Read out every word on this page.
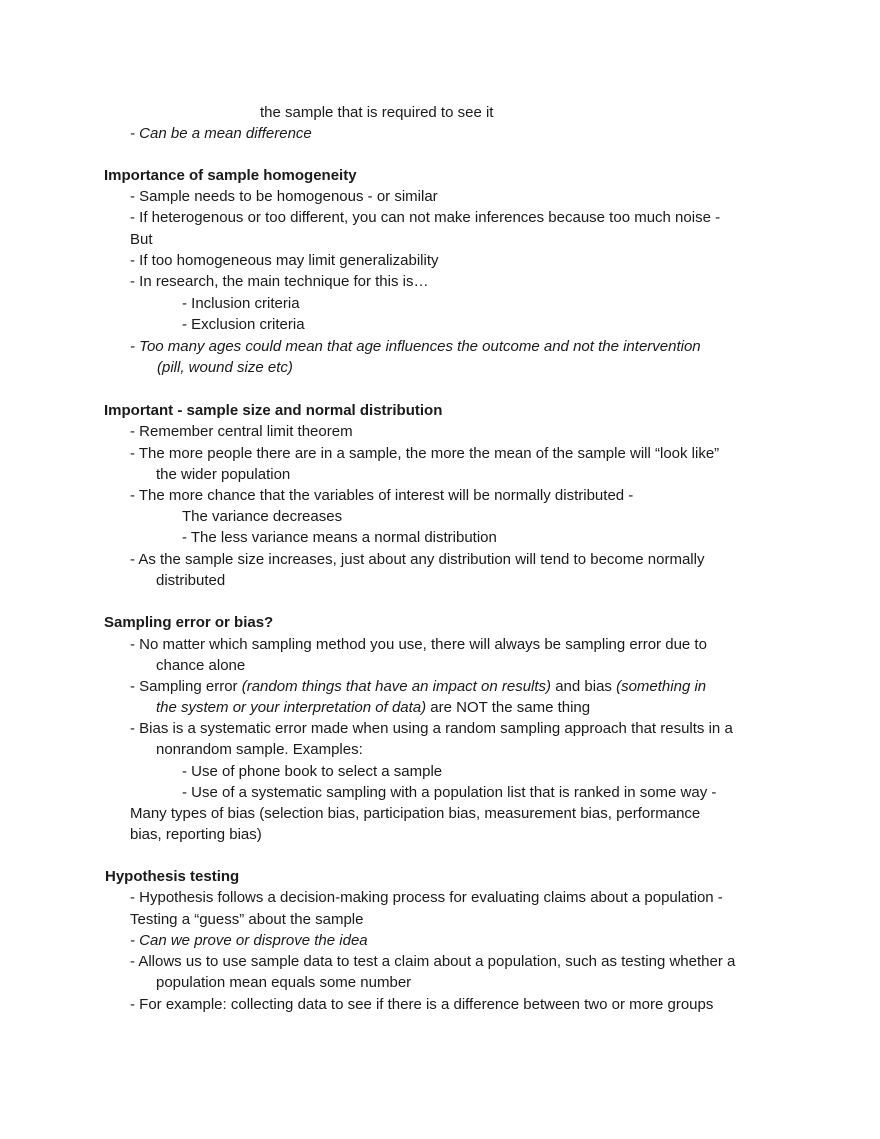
the sample that is required to see it
- Can be a mean difference
Importance of sample homogeneity
- Sample needs to be homogenous - or similar
- If heterogenous or too different, you can not make inferences because too much noise -
But
- If too homogeneous may limit generalizability
- In research, the main technique for this is…
- Inclusion criteria
- Exclusion criteria
- Too many ages could mean that age influences the outcome and not the intervention
(pill, wound size etc)
Important - sample size and normal distribution
- Remember central limit theorem
- The more people there are in a sample, the more the mean of the sample will “look like”
the wider population
- The more chance that the variables of interest will be normally distributed -
The variance decreases
- The less variance means a normal distribution
- As the sample size increases, just about any distribution will tend to become normally
distributed
Sampling error or bias?
- No matter which sampling method you use, there will always be sampling error due to
chance alone
- Sampling error (random things that have an impact on results) and bias (something in
the system or your interpretation of data) are NOT the same thing
- Bias is a systematic error made when using a random sampling approach that results in a
nonrandom sample. Examples:
- Use of phone book to select a sample
- Use of a systematic sampling with a population list that is ranked in some way -
Many types of bias (selection bias, participation bias, measurement bias, performance
bias, reporting bias)
Hypothesis testing
- Hypothesis follows a decision-making process for evaluating claims about a population -
Testing a “guess” about the sample
- Can we prove or disprove the idea
- Allows us to use sample data to test a claim about a population, such as testing whether a
population mean equals some number
- For example: collecting data to see if there is a difference between two or more groups
